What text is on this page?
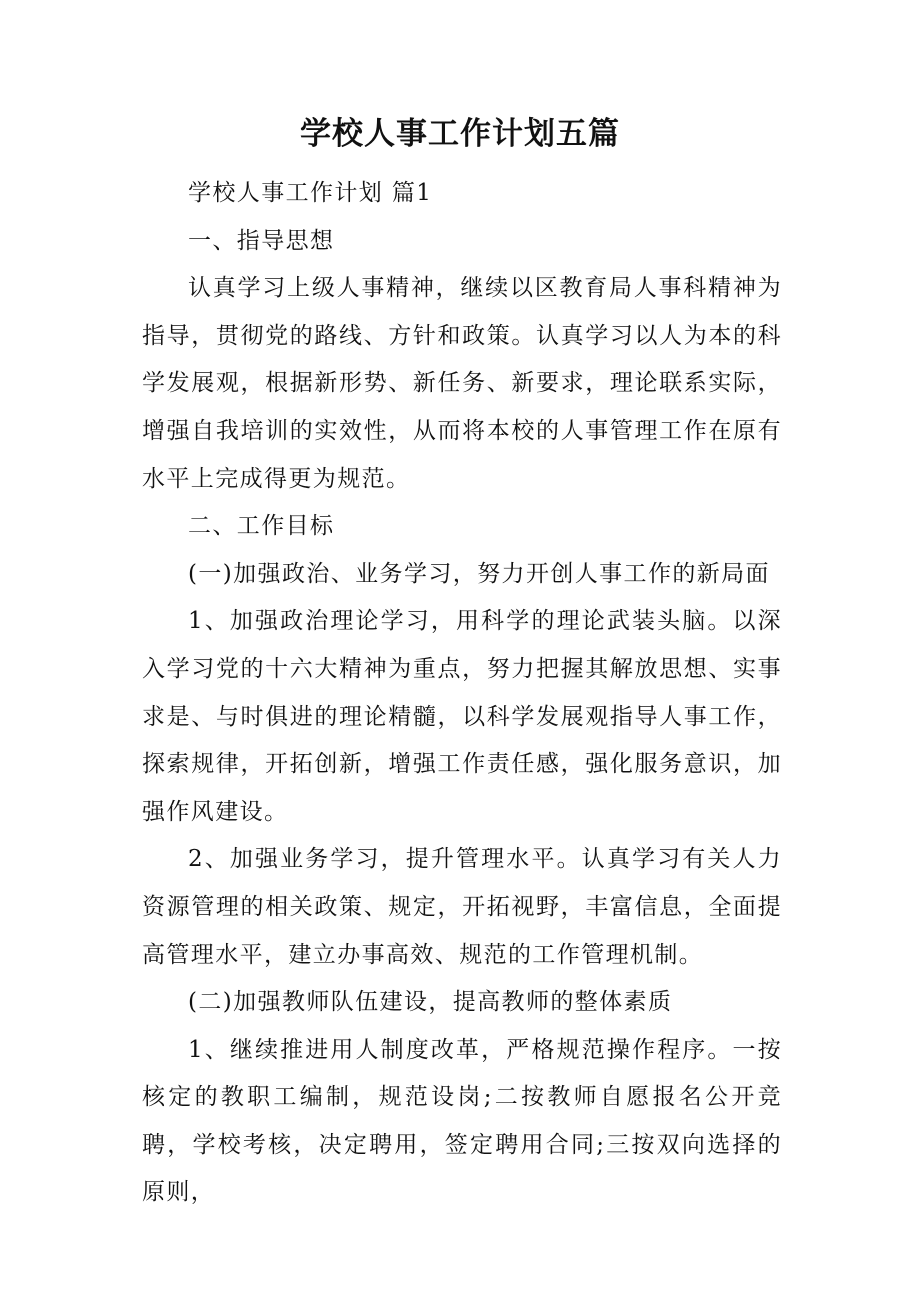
学校人事工作计划五篇

学校人事工作计划 篇1

一、指导思想

认真学习上级人事精神，继续以区教育局人事科精神为指导，贯彻党的路线、方针和政策。认真学习以人为本的科学发展观，根据新形势、新任务、新要求，理论联系实际，增强自我培训的实效性，从而将本校的人事管理工作在原有水平上完成得更为规范。

二、工作目标

(一)加强政治、业务学习，努力开创人事工作的新局面

1、加强政治理论学习，用科学的理论武装头脑。以深入学习党的十六大精神为重点，努力把握其解放思想、实事求是、与时俱进的理论精髓，以科学发展观指导人事工作，探索规律，开拓创新，增强工作责任感，强化服务意识，加强作风建设。

2、加强业务学习，提升管理水平。认真学习有关人力资源管理的相关政策、规定，开拓视野，丰富信息，全面提高管理水平，建立办事高效、规范的工作管理机制。

(二)加强教师队伍建设，提高教师的整体素质

1、继续推进用人制度改革，严格规范操作程序。一按核定的教职工编制，规范设岗;二按教师自愿报名公开竞聘，学校考核，决定聘用，签定聘用合同;三按双向选择的原则，
